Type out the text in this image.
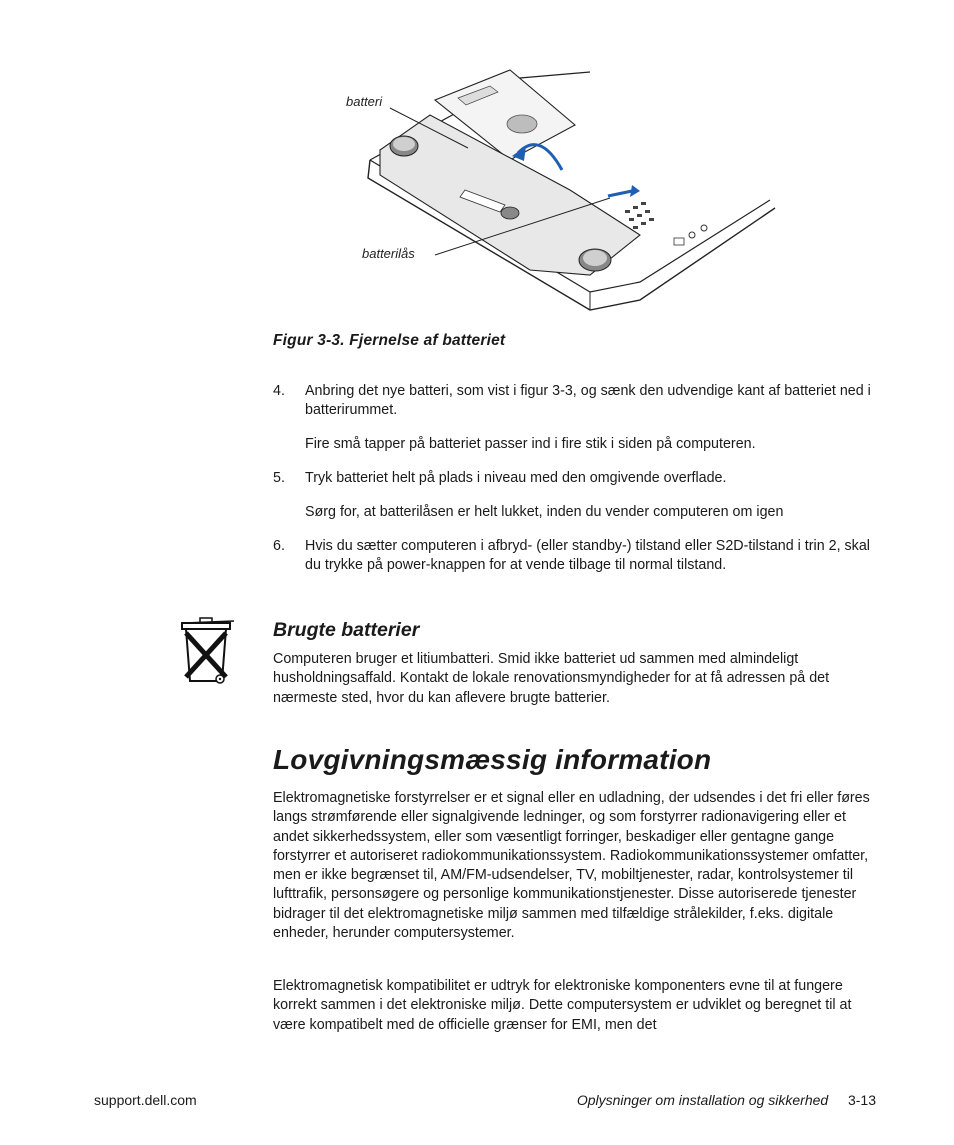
batteri
batterilås
Figur 3-3. Fjernelse af batteriet
4. Anbring det nye batteri, som vist i figur 3-3, og sænk den udvendige kant af batteriet ned i batterirummet.
Fire små tapper på batteriet passer ind i fire stik i siden på computeren.
5. Tryk batteriet helt på plads i niveau med den omgivende overflade.
Sørg for, at batterilåsen er helt lukket, inden du vender computeren om igen
6. Hvis du sætter computeren i afbryd- (eller standby-) tilstand eller S2D-tilstand i trin 2, skal du trykke på power-knappen for at vende tilbage til normal tilstand.
Brugte batterier
Computeren bruger et litiumbatteri. Smid ikke batteriet ud sammen med almindeligt husholdningsaffald. Kontakt de lokale renovationsmyndigheder for at få adressen på det nærmeste sted, hvor du kan aflevere brugte batterier.
Lovgivningsmæssig information
Elektromagnetiske forstyrrelser er et signal eller en udladning, der udsendes i det fri eller føres langs strømførende eller signalgivende ledninger, og som forstyrrer radionavigering eller et andet sikkerhedssystem, eller som væsentligt forringer, beskadiger eller gentagne gange forstyrrer et autoriseret radiokommunikationssystem. Radiokommunikationssystemer omfatter, men er ikke begrænset til, AM/FM-udsendelser, TV, mobiltjenester, radar, kontrolsystemer til lufttrafik, personsøgere og personlige kommunikationstjenester. Disse autoriserede tjenester bidrager til det elektromagnetiske miljø sammen med tilfældige strålekilder, f.eks. digitale enheder, herunder computersystemer.
Elektromagnetisk kompatibilitet er udtryk for elektroniske komponenters evne til at fungere korrekt sammen i det elektroniske miljø. Dette computersystem er udviklet og beregnet til at være kompatibelt med de officielle grænser for EMI, men det
support.dell.com	Oplysninger om installation og sikkerhed 3-13
